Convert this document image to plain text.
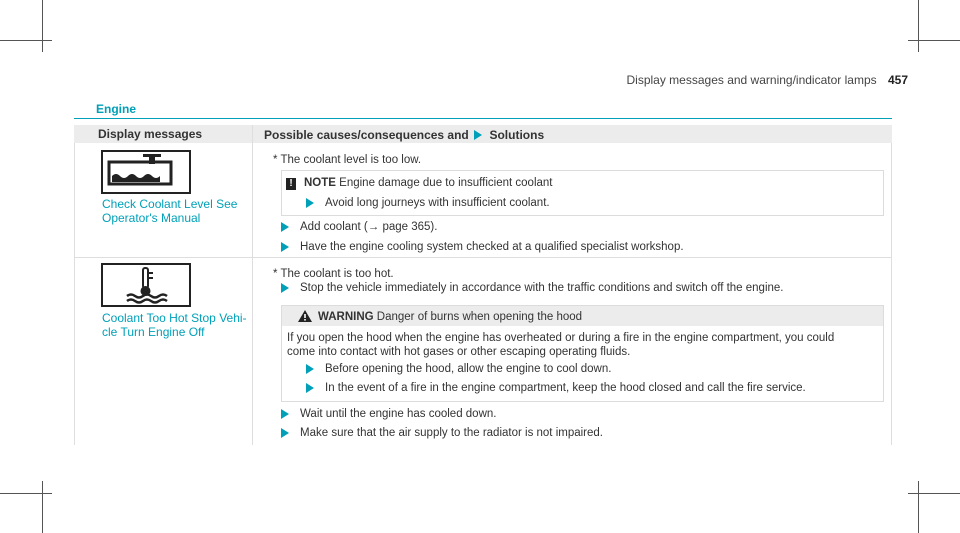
Display messages and warning/indicator lamps 457
Engine
Display messages	Possible causes/consequences and Solutions
Check Coolant Level See
Operator's Manual
* The coolant level is too low.
! NOTE Engine damage due to insufficient coolant
Avoid long journeys with insufficient coolant.
Add coolant (→ page 365).
Have the engine cooling system checked at a qualified specialist workshop.
Coolant Too Hot Stop Vehi-
cle Turn Engine Off
* The coolant is too hot.
Stop the vehicle immediately in accordance with the traffic conditions and switch off the engine.
WARNING Danger of burns when opening the hood
If you open the hood when the engine has overheated or during a fire in the engine compartment, you could
come into contact with hot gases or other escaping operating fluids.
Before opening the hood, allow the engine to cool down.
In the event of a fire in the engine compartment, keep the hood closed and call the fire service.
Wait until the engine has cooled down.
Make sure that the air supply to the radiator is not impaired.
